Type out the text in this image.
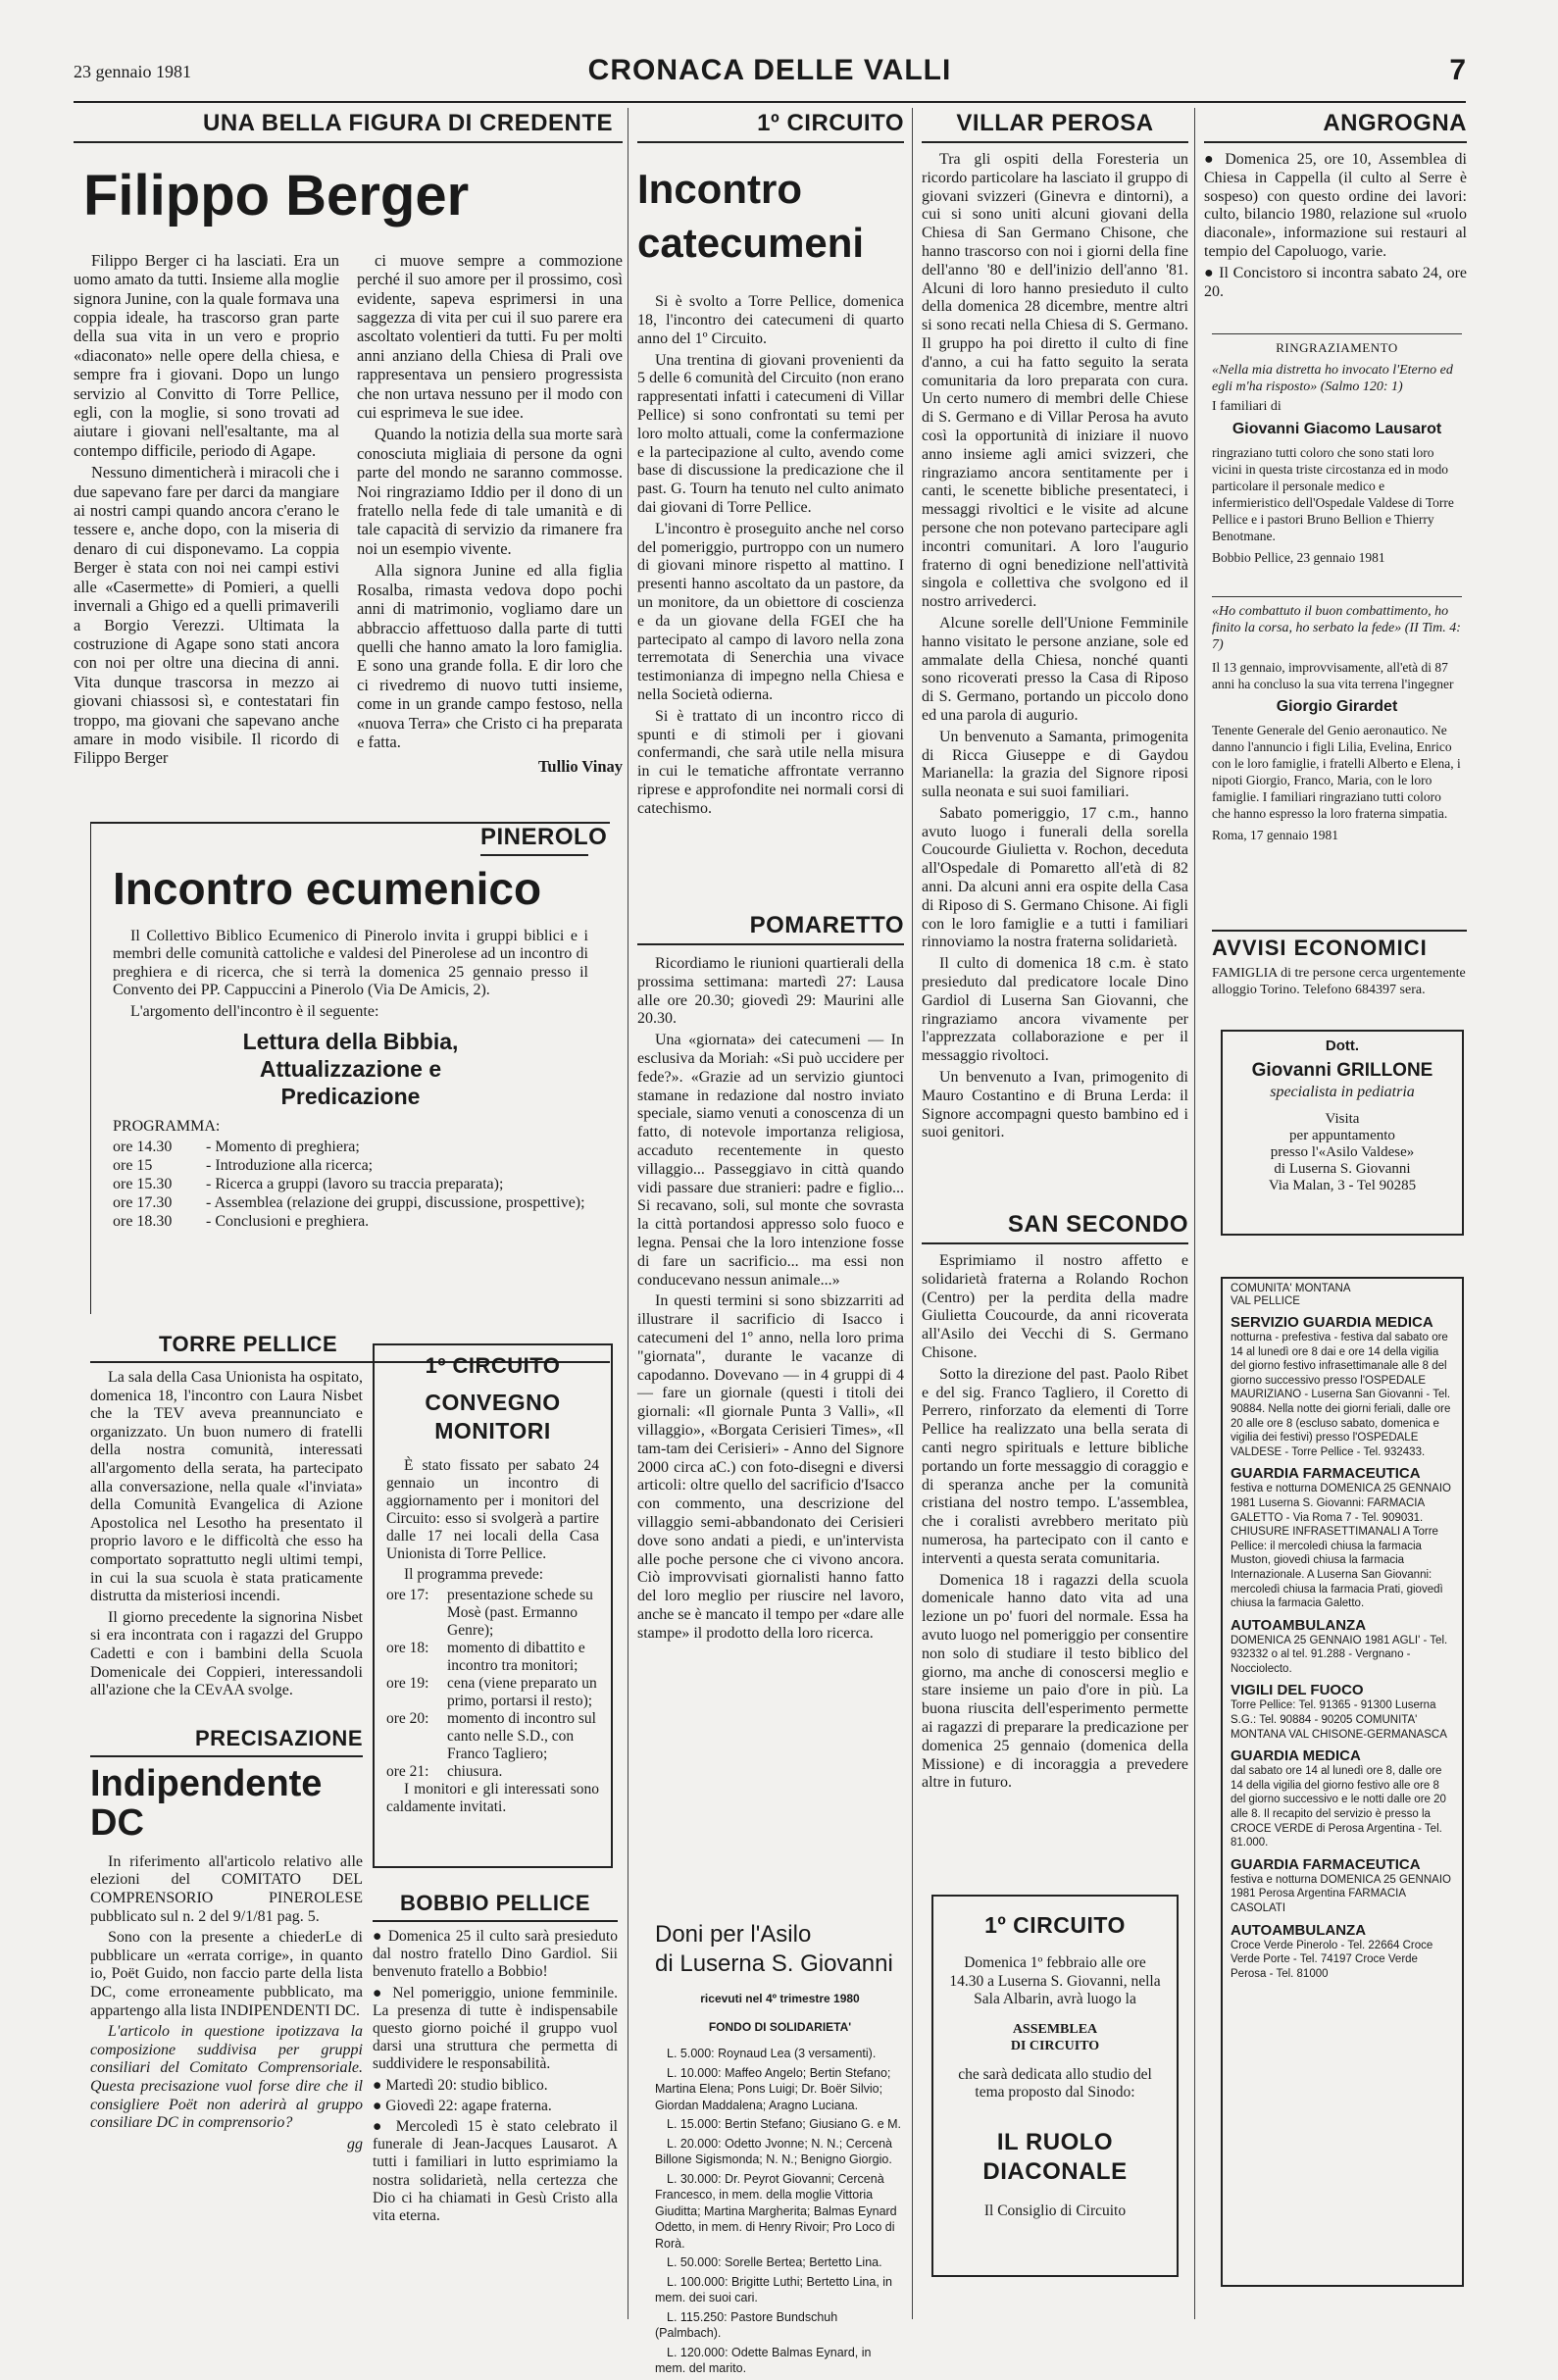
23 gennaio 1981	CRONACA DELLE VALLI	7
UNA BELLA FIGURA DI CREDENTE
Filippo Berger

Filippo Berger ci ha lasciati. Era un uomo amato da tutti. Insieme alla moglie signora Junine, con la quale formava una coppia ideale, ha trascorso gran parte della sua vita in un vero e proprio «diaconato» nelle opere della chiesa, e sempre fra i giovani. Dopo un lungo servizio al Convitto di Torre Pellice, egli, con la moglie, si sono trovati ad aiutare i giovani nell'esaltante, ma al contempo difficile, periodo di Agape.

Nessuno dimenticherà i miracoli che i due sapevano fare per darci da mangiare ai nostri campi quando ancora c'erano le tessere e, anche dopo, con la miseria di denaro di cui disponevamo. La coppia Berger è stata con noi nei campi estivi alle «Casermette» di Pomieri, a quelli invernali a Ghigo ed a quelli primaverili a Borgio Verezzi. Ultimata la costruzione di Agape sono stati ancora con noi per oltre una diecina di anni. Vita dunque trascorsa in mezzo ai giovani chiassosi sì, e contestatari fin troppo, ma giovani che sapevano anche amare in modo visibile. Il ricordo di Filippo Berger

ci muove sempre a commozione perché il suo amore per il prossimo, così evidente, sapeva esprimersi in una saggezza di vita per cui il suo parere era ascoltato volentieri da tutti. Fu per molti anni anziano della Chiesa di Prali ove rappresentava un pensiero progressista che non urtava nessuno per il modo con cui esprimeva le sue idee.

Quando la notizia della sua morte sarà conosciuta migliaia di persone da ogni parte del mondo ne saranno commosse. Noi ringraziamo Iddio per il dono di un fratello nella fede di tale umanità e di tale capacità di servizio da rimanere fra noi un esempio vivente.

Alla signora Junine ed alla figlia Rosalba, rimasta vedova dopo pochi anni di matrimonio, vogliamo dare un abbraccio affettuoso dalla parte di tutti quelli che hanno amato la loro famiglia. E sono una grande folla. E dir loro che ci rivedremo di nuovo tutti insieme, come in un grande campo festoso, nella «nuova Terra» che Cristo ci ha preparata e fatta.

Tullio Vinay
PINEROLO
Incontro ecumenico

Il Collettivo Biblico Ecumenico di Pinerolo invita i gruppi biblici e i membri delle comunità cattoliche e valdesi del Pinerolese ad un incontro di preghiera e di ricerca, che si terrà la domenica 25 gennaio presso il Convento dei PP. Cappuccini a Pinerolo (Via De Amicis, 2).

L'argomento dell'incontro è il seguente:

Lettura della Bibbia,
Attualizzazione e
Predicazione
PROGRAMMA:
ore 14.30	- Momento di preghiera;
ore 15	- Introduzione alla ricerca;
ore 15.30	- Ricerca a gruppi (lavoro su traccia preparata);
ore 17.30	- Assemblea (relazione dei gruppi, discussione, prospettive);
ore 18.30	- Conclusioni e preghiera.
TORRE PELLICE

La sala della Casa Unionista ha ospitato, domenica 18, l'incontro con Laura Nisbet che la TEV aveva preannunciato e organizzato. Un buon numero di fratelli della nostra comunità, interessati all'argomento della serata, ha partecipato alla conversazione, nella quale «l'inviata» della Comunità Evangelica di Azione Apostolica nel Lesotho ha presentato il proprio lavoro e le difficoltà che esso ha comportato soprattutto negli ultimi tempi, in cui la sua scuola è stata praticamente distrutta da misteriosi incendi.

Il giorno precedente la signorina Nisbet si era incontrata con i ragazzi del Gruppo Cadetti e con i bambini della Scuola Domenicale dei Coppieri, interessandoli all'azione che la CEvAA svolge.

PRECISAZIONE
Indipendente
DC

In riferimento all'articolo relativo alle elezioni del COMITATO DEL COMPRENSORIO PINEROLESE pubblicato sul n. 2 del 9/1/81 pag. 5.

Sono con la presente a chiederLe di pubblicare un «errata corrige», in quanto io, Poët Guido, non faccio parte della lista DC, come erroneamente pubblicato, ma appartengo alla lista INDIPENDENTI DC.

L'articolo in questione ipotizzava la composizione suddivisa per gruppi consiliari del Comitato Comprensoriale. Questa precisazione vuol forse dire che il consigliere Poët non aderirà al gruppo consiliare DC in comprensorio?

gg
1º CIRCUITO
CONVEGNO
MONITORI

È stato fissato per sabato 24 gennaio un incontro di aggiornamento per i monitori del Circuito: esso si svolgerà a partire dalle 17 nei locali della Casa Unionista di Torre Pellice.

Il programma prevede:

ore 17:	presentazione schede su Mosè (past. Ermanno Genre);
ore 18:	momento di dibattito e incontro tra monitori;
ore 19:	cena (viene preparato un primo, portarsi il resto);
ore 20:	momento di incontro sul canto nelle S.D., con Franco Tagliero;
ore 21:	chiusura.

I monitori e gli interessati sono caldamente invitati.

BOBBIO PELLICE

● Domenica 25 il culto sarà presieduto dal nostro fratello Dino Gardiol. Sii benvenuto fratello a Bobbio!

● Nel pomeriggio, unione femminile. La presenza di tutte è indispensabile questo giorno poiché il gruppo vuol darsi una struttura che permetta di suddividere le responsabilità.

● Martedì 20: studio biblico.

● Giovedì 22: agape fraterna.

● Mercoledì 15 è stato celebrato il funerale di Jean-Jacques Lausarot. A tutti i familiari in lutto esprimiamo la nostra solidarietà, nella certezza che Dio ci ha chiamati in Gesù Cristo alla vita eterna.

1º CIRCUITO
Incontro
catecumeni

Si è svolto a Torre Pellice, domenica 18, l'incontro dei catecumeni di quarto anno del 1º Circuito.

Una trentina di giovani provenienti da 5 delle 6 comunità del Circuito (non erano rappresentati infatti i catecumeni di Villar Pellice) si sono confrontati su temi per loro molto attuali, come la confermazione e la partecipazione al culto, avendo come base di discussione la predicazione che il past. G. Tourn ha tenuto nel culto animato dai giovani di Torre Pellice.

L'incontro è proseguito anche nel corso del pomeriggio, purtroppo con un numero di giovani minore rispetto al mattino. I presenti hanno ascoltato da un pastore, da un monitore, da un obiettore di coscienza e da un giovane della FGEI che ha partecipato al campo di lavoro nella zona terremotata di Senerchia una vivace testimonianza di impegno nella Chiesa e nella Società odierna.

Si è trattato di un incontro ricco di spunti e di stimoli per i giovani confermandi, che sarà utile nella misura in cui le tematiche affrontate verranno riprese e approfondite nei normali corsi di catechismo.

POMARETTO

Ricordiamo le riunioni quartierali della prossima settimana: martedì 27: Lausa alle ore 20.30; giovedì 29: Maurini alle 20.30.

Una «giornata» dei catecumeni — In esclusiva da Moriah: «Si può uccidere per fede?». «Grazie ad un servizio giuntoci stamane in redazione dal nostro inviato speciale, siamo venuti a conoscenza di un fatto, di notevole importanza religiosa, accaduto recentemente in questo villaggio... Passeggiavo in città quando vidi passare due stranieri: padre e figlio... Si recavano, soli, sul monte che sovrasta la città portandosi appresso solo fuoco e legna. Pensai che la loro intenzione fosse di fare un sacrificio... ma essi non conducevano nessun animale...»

In questi termini si sono sbizzarriti ad illustrare il sacrificio di Isacco i catecumeni del 1º anno, nella loro prima "giornata", durante le vacanze di capodanno. Dovevano — in 4 gruppi di 4 — fare un giornale (questi i titoli dei giornali: «Il giornale Punta 3 Valli», «Il villaggio», «Borgata Cerisieri Times», «Il tam-tam dei Cerisieri» - Anno del Signore 2000 circa aC.) con foto-disegni e diversi articoli: oltre quello del sacrificio d'Isacco con commento, una descrizione del villaggio semi-abbandonato dei Cerisieri dove sono andati a piedi, e un'intervista alle poche persone che ci vivono ancora. Ciò improvvisati giornalisti hanno fatto del loro meglio per riuscire nel lavoro, anche se è mancato il tempo per «dare alle stampe» il prodotto della loro ricerca.

Doni per l'Asilo
di Luserna S. Giovanni
ricevuti nel 4º trimestre 1980
FONDO DI SOLIDARIETA'
L. 5.000: Roynaud Lea (3 versamenti).
L. 10.000: Maffeo Angelo; Bertin Stefano; Martina Elena; Pons Luigi; Dr. Boër Silvio; Giordan Maddalena; Aragno Luciana.
L. 15.000: Bertin Stefano; Giusiano G. e M.
L. 20.000: Odetto Jvonne; N. N.; Cercenà Billone Sigismonda; N. N.; Benigno Giorgio.
L. 30.000: Dr. Peyrot Giovanni; Cercenà Francesco, in mem. della moglie Vittoria Giuditta; Martina Margherita; Balmas Eynard Odetto, in mem. di Henry Rivoir; Pro Loco di Rorà.
L. 50.000: Sorelle Bertea; Bertetto Lina.
L. 100.000: Brigitte Luthi; Bertetto Lina, in mem. dei suoi cari.
L. 115.250: Pastore Bundschuh (Palmbach).
L. 120.000: Odette Balmas Eynard, in mem. del marito.
VILLAR PEROSA

Tra gli ospiti della Foresteria un ricordo particolare ha lasciato il gruppo di giovani svizzeri (Ginevra e dintorni), a cui si sono uniti alcuni giovani della Chiesa di San Germano Chisone, che hanno trascorso con noi i giorni della fine dell'anno '80 e dell'inizio dell'anno '81. Alcuni di loro hanno presieduto il culto della domenica 28 dicembre, mentre altri si sono recati nella Chiesa di S. Germano. Il gruppo ha poi diretto il culto di fine d'anno, a cui ha fatto seguito la serata comunitaria da loro preparata con cura. Un certo numero di membri delle Chiese di S. Germano e di Villar Perosa ha avuto così la opportunità di iniziare il nuovo anno insieme agli amici svizzeri, che ringraziamo ancora sentitamente per i canti, le scenette bibliche presentateci, i messaggi rivoltici e le visite ad alcune persone che non potevano partecipare agli incontri comunitari. A loro l'augurio fraterno di ogni benedizione nell'attività singola e collettiva che svolgono ed il nostro arrivederci.

Alcune sorelle dell'Unione Femminile hanno visitato le persone anziane, sole ed ammalate della Chiesa, nonché quanti sono ricoverati presso la Casa di Riposo di S. Germano, portando un piccolo dono ed una parola di augurio.

Un benvenuto a Samanta, primogenita di Ricca Giuseppe e di Gaydou Marianella: la grazia del Signore riposi sulla neonata e sui suoi familiari.

Sabato pomeriggio, 17 c.m., hanno avuto luogo i funerali della sorella Coucourde Giulietta v. Rochon, deceduta all'Ospedale di Pomaretto all'età di 82 anni. Da alcuni anni era ospite della Casa di Riposo di S. Germano Chisone. Ai figli con le loro famiglie e a tutti i familiari rinnoviamo la nostra fraterna solidarietà.

Il culto di domenica 18 c.m. è stato presieduto dal predicatore locale Dino Gardiol di Luserna San Giovanni, che ringraziamo ancora vivamente per l'apprezzata collaborazione e per il messaggio rivoltoci.

Un benvenuto a Ivan, primogenito di Mauro Costantino e di Bruna Lerda: il Signore accompagni questo bambino ed i suoi genitori.

SAN SECONDO

Esprimiamo il nostro affetto e solidarietà fraterna a Rolando Rochon (Centro) per la perdita della madre Giulietta Coucourde, da anni ricoverata all'Asilo dei Vecchi di S. Germano Chisone.

Sotto la direzione del past. Paolo Ribet e del sig. Franco Tagliero, il Coretto di Perrero, rinforzato da elementi di Torre Pellice ha realizzato una bella serata di canti negro spirituals e letture bibliche portando un forte messaggio di coraggio e di speranza anche per la comunità cristiana del nostro tempo. L'assemblea, che i coralisti avrebbero meritato più numerosa, ha partecipato con il canto e interventi a questa serata comunitaria.

Domenica 18 i ragazzi della scuola domenicale hanno dato vita ad una lezione un po' fuori del normale. Essa ha avuto luogo nel pomeriggio per consentire non solo di studiare il testo biblico del giorno, ma anche di conoscersi meglio e stare insieme un paio d'ore in più. La buona riuscita dell'esperimento permette ai ragazzi di preparare la predicazione per domenica 25 gennaio (domenica della Missione) e di incoraggia a prevedere altre in futuro.

1º CIRCUITO
Domenica 1º febbraio alle ore 14.30 a Luserna S. Giovanni, nella Sala Albarin, avrà luogo la
ASSEMBLEA
DI CIRCUITO
che sarà dedicata allo studio del tema proposto dal Sinodo:
IL RUOLO
DIACONALE
Il Consiglio di Circuito
ANGROGNA

● Domenica 25, ore 10, Assemblea di Chiesa in Cappella (il culto al Serre è sospeso) con questo ordine dei lavori: culto, bilancio 1980, relazione sul «ruolo diaconale», informazione sui restauri al tempio del Capoluogo, varie.

● Il Concistoro si incontra sabato 24, ore 20.

RINGRAZIAMENTO
«Nella mia distretta ho invocato l'Eterno ed egli m'ha risposto» (Salmo 120: 1)
I familiari di
Giovanni Giacomo Lausarot
ringraziano tutti coloro che sono stati loro vicini in questa triste circostanza ed in modo particolare il personale medico e infermieristico dell'Ospedale Valdese di Torre Pellice e i pastori Bruno Bellion e Thierry Benotmane.
Bobbio Pellice, 23 gennaio 1981
«Ho combattuto il buon combattimento, ho finito la corsa, ho serbato la fede» (II Tim. 4: 7)
Il 13 gennaio, improvvisamente, all'età di 87 anni ha concluso la sua vita terrena l'ingegner
Giorgio Girardet
Tenente Generale del Genio aeronautico. Ne danno l'annuncio i figli Lilia, Evelina, Enrico con le loro famiglie, i fratelli Alberto e Elena, i nipoti Giorgio, Franco, Maria, con le loro famiglie. I familiari ringraziano tutti coloro che hanno espresso la loro fraterna simpatia.
Roma, 17 gennaio 1981
AVVISI ECONOMICI
FAMIGLIA di tre persone cerca urgentemente alloggio Torino. Telefono 684397 sera.
Dott.
Giovanni GRILLONE
specialista in pediatria
Visita
per appuntamento
presso l'«Asilo Valdese»
di Luserna S. Giovanni
Via Malan, 3 - Tel 90285
COMUNITA' MONTANA
VAL PELLICE
SERVIZIO GUARDIA MEDICA
notturna - prefestiva - festiva dal sabato ore 14 al lunedì ore 8 dai e ore 14 della vigilia del giorno festivo infrasettimanale alle 8 del giorno successivo presso l'OSPEDALE MAURIZIANO - Luserna San Giovanni - Tel. 90884. Nella notte dei giorni feriali, dalle ore 20 alle ore 8 (escluso sabato, domenica e vigilia dei festivi) presso l'OSPEDALE VALDESE - Torre Pellice - Tel. 932433.
GUARDIA FARMACEUTICA
festiva e notturna DOMENICA 25 GENNAIO 1981 Luserna S. Giovanni: FARMACIA GALETTO - Via Roma 7 - Tel. 909031. CHIUSURE INFRASETTIMANALI A Torre Pellice: il mercoledì chiusa la farmacia Muston, giovedì chiusa la farmacia Internazionale. A Luserna San Giovanni: mercoledì chiusa la farmacia Prati, giovedì chiusa la farmacia Galetto.
AUTOAMBULANZA
DOMENICA 25 GENNAIO 1981 AGLI' - Tel. 932332 o al tel. 91.288 - Vergnano - Nocciolecto.
VIGILI DEL FUOCO
Torre Pellice: Tel. 91365 - 91300 Luserna S.G.: Tel. 90884 - 90205 COMUNITA' MONTANA VAL CHISONE-GERMANASCA
GUARDIA MEDICA
dal sabato ore 14 al lunedì ore 8, dalle ore 14 della vigilia del giorno festivo alle ore 8 del giorno successivo e le notti dalle ore 20 alle 8. Il recapito del servizio è presso la CROCE VERDE di Perosa Argentina - Tel. 81.000.
GUARDIA FARMACEUTICA
festiva e notturna DOMENICA 25 GENNAIO 1981 Perosa Argentina FARMACIA CASOLATI
AUTOAMBULANZA
Croce Verde Pinerolo - Tel. 22664 Croce Verde Porte - Tel. 74197 Croce Verde Perosa - Tel. 81000
